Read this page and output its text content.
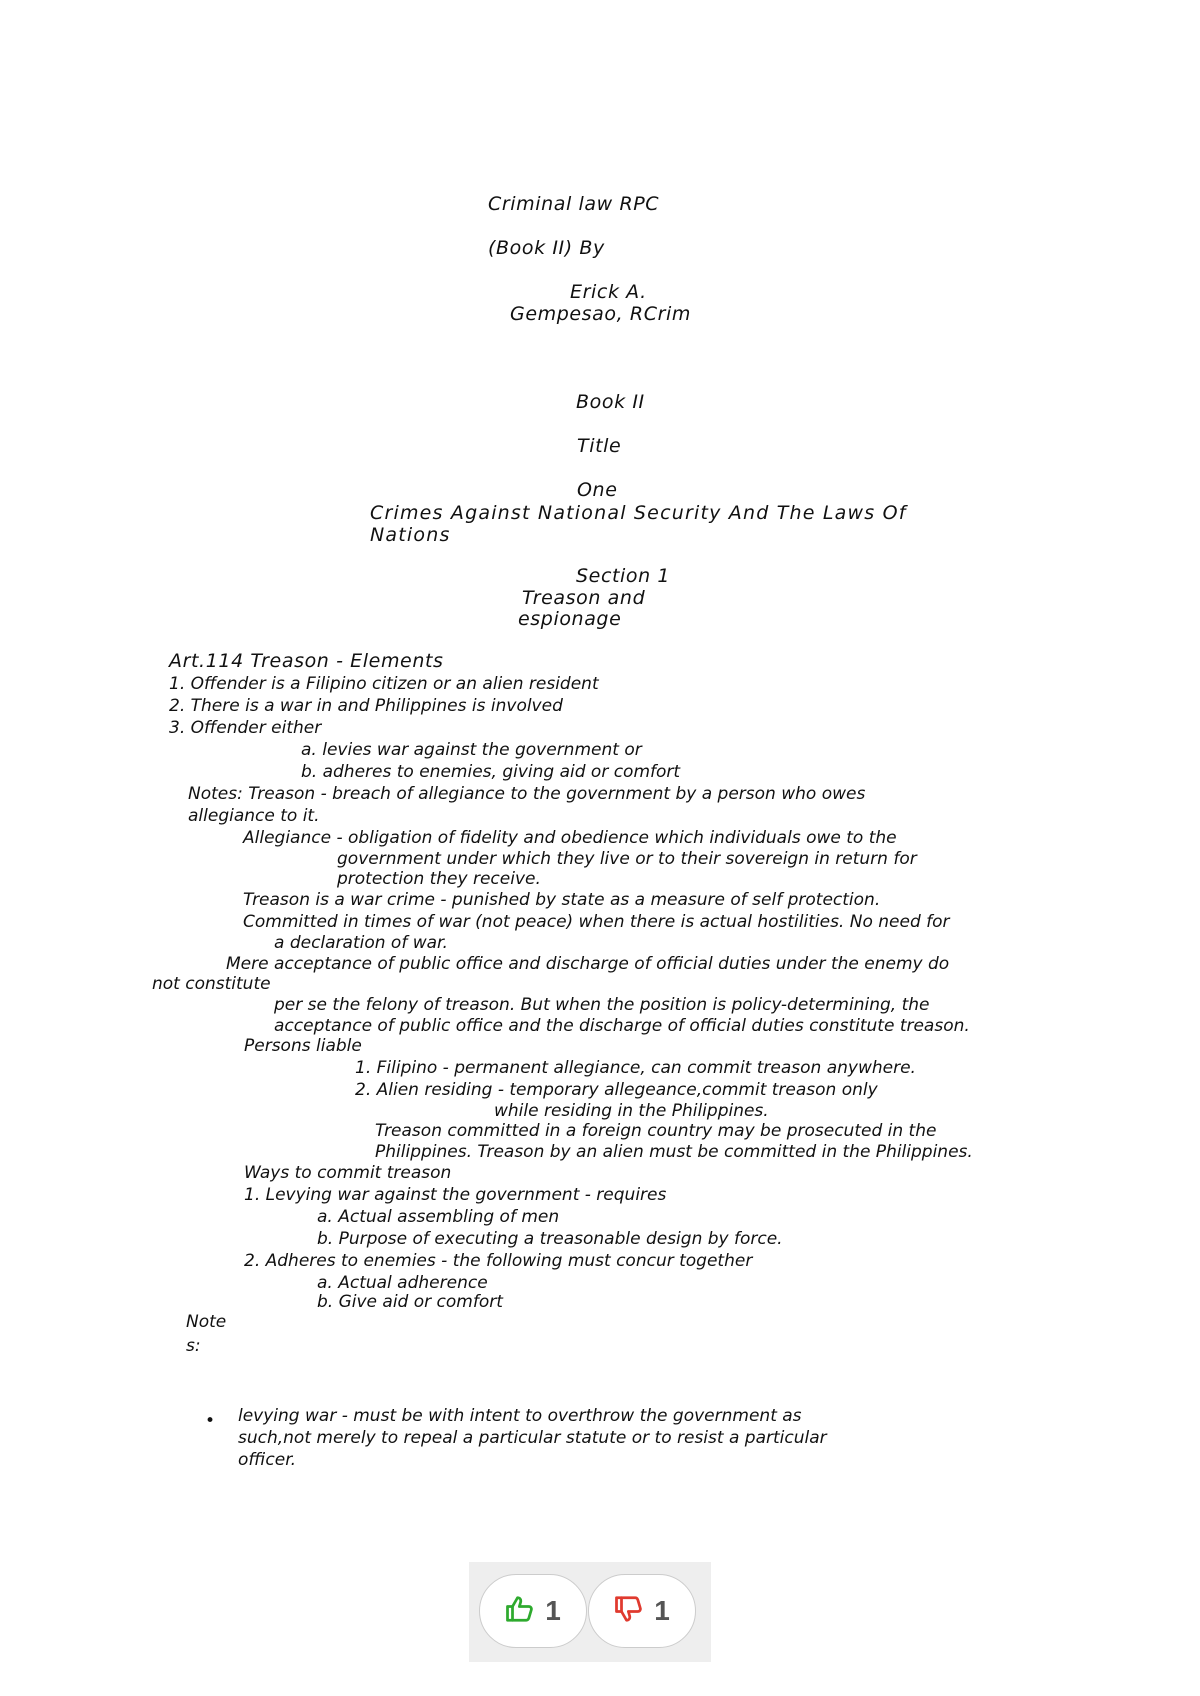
Criminal law RPC
(Book II) By
Erick A.
Gempesao, RCrim
Book II
Title
One
Crimes Against National Security And The Laws Of
Nations
Section 1
Treason and
espionage
Art.114 Treason - Elements
1. Offender is a Filipino citizen or an alien resident
2. There is a war in and Philippines is involved
3. Offender either
a. levies war against the government or
b. adheres to enemies, giving aid or comfort
Notes: Treason - breach of allegiance to the government by a person who owes
allegiance to it.
Allegiance - obligation of fidelity and obedience which individuals owe to the
government under which they live or to their sovereign in return for
protection they receive.
Treason is a war crime - punished by state as a measure of self protection.
Committed in times of war (not peace) when there is actual hostilities. No need for
a declaration of war.
Mere acceptance of public office and discharge of official duties under the enemy do
not constitute
per se the felony of treason. But when the position is policy-determining, the
acceptance of public office and the discharge of official duties constitute treason.
Persons liable
1. Filipino - permanent allegiance, can commit treason anywhere.
2. Alien residing - temporary allegeance,commit treason only
while residing in the Philippines.
Treason committed in a foreign country may be prosecuted in the
Philippines. Treason by an alien must be committed in the Philippines.
Ways to commit treason
1. Levying war against the government - requires
a. Actual assembling of men
b. Purpose of executing a treasonable design by force.
2. Adheres to enemies - the following must concur together
a. Actual adherence
b. Give aid or comfort
Note
s:
• levying war - must be with intent to overthrow the government as
such,not merely to repeal a particular statute or to resist a particular
officer.
1	1
